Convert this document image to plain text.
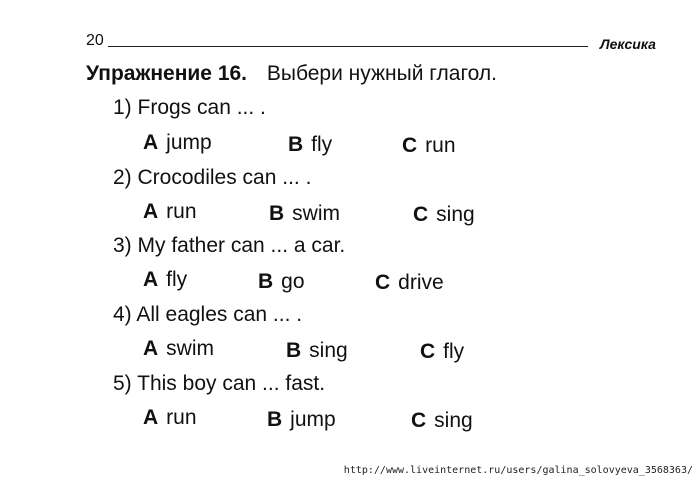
20	Лексика
Упражнение 16. Выбери нужный глагол.
1) Frogs can ... .
A jump	B fly	C run
2) Crocodiles can ... .
A run	B swim	C sing
3) My father can ... a car.
A fly	B go	C drive
4) All eagles can ... .
A swim	B sing	C fly
5) This boy can ... fast.
A run	B jump	C sing
http://www.liveinternet.ru/users/galina_solovyeva_3568363/
